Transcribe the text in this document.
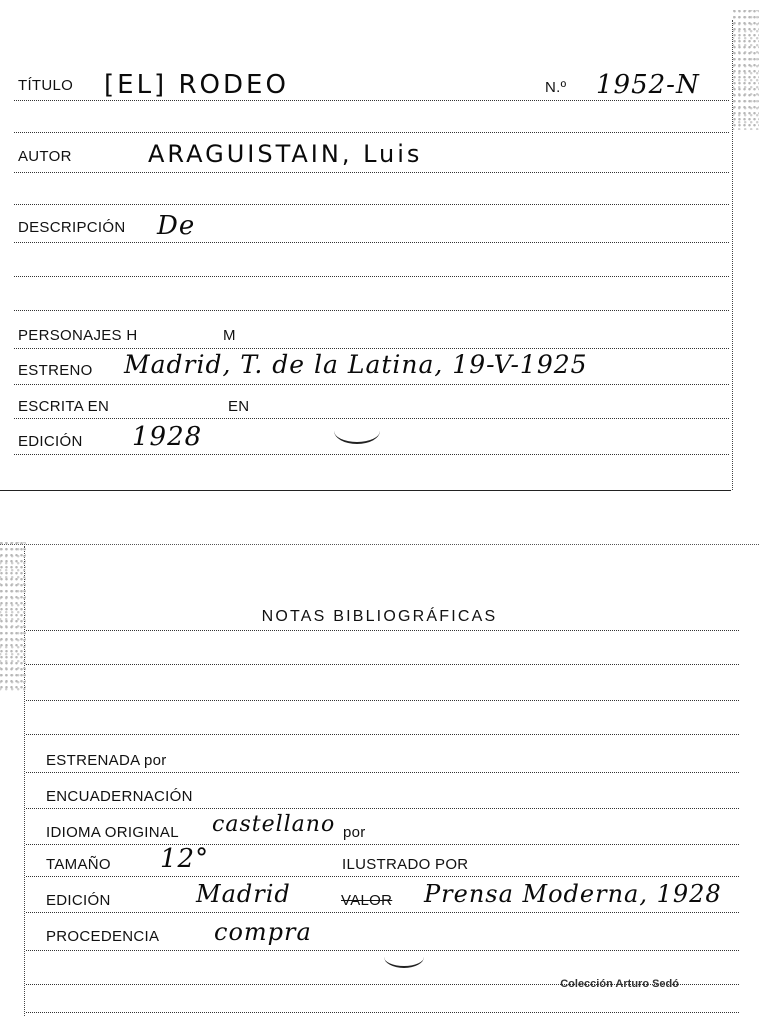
TÍTULO [EL] RODEO	N.º 1952-N
AUTOR	ARAGUISTAIN, Luis
DESCRIPCIÓN De
PERSONAJES H	M
ESTRENO Madrid, T. de la Latina, 19-V-1925
ESCRITA EN	EN
EDICIÓN 1928
NOTAS BIBLIOGRÁFICAS
ESTRENADA por
ENCUADERNACIÓN
IDIOMA ORIGINAL castellano por
TAMAÑO 12°	ILUSTRADO POR
EDICIÓN	Madrid	VALOR Prensa Moderna, 1928
PROCEDENCIA compra
Colección Arturo Sedó
